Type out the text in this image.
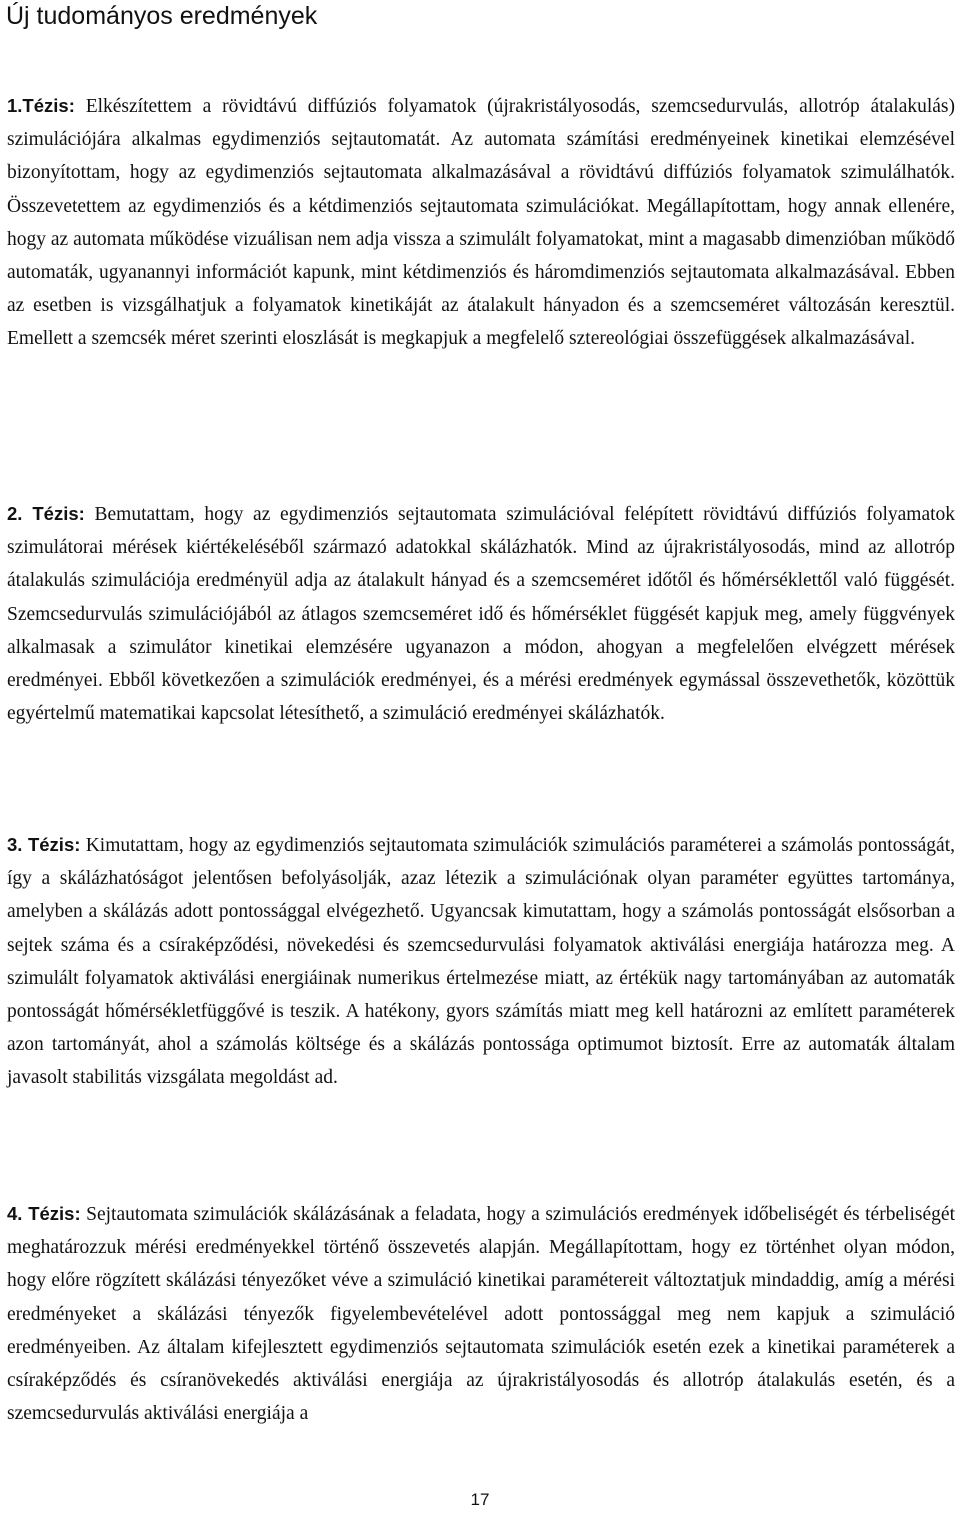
Új tudományos eredmények

1.Tézis: Elkészítettem a rövidtávú diffúziós folyamatok (újrakristályosodás, szemcsedurvulás, allotróp átalakulás) szimulációjára alkalmas egydimenziós sejtautomatát. Az automata számítási eredményeinek kinetikai elemzésével bizonyítottam, hogy az egydimenziós sejtautomata alkalmazásával a rövidtávú diffúziós folyamatok szimulálhatók. Összevetettem az egydimenziós és a kétdimenziós sejtautomata szimulációkat. Megállapítottam, hogy annak ellenére, hogy az automata működése vizuálisan nem adja vissza a szimulált folyamatokat, mint a magasabb dimenzióban működő automaták, ugyanannyi információt kapunk, mint kétdimenziós és háromdimenziós sejtautomata alkalmazásával. Ebben az esetben is vizsgálhatjuk a folyamatok kinetikáját az átalakult hányadon és a szemcseméret változásán keresztül. Emellett a szemcsék méret szerinti eloszlását is megkapjuk a megfelelő sztereológiai összefüggések alkalmazásával.

2. Tézis: Bemutattam, hogy az egydimenziós sejtautomata szimulációval felépített rövidtávú diffúziós folyamatok szimulátorai mérések kiértékeléséből származó adatokkal skálázhatók. Mind az újrakristályosodás, mind az allotróp átalakulás szimulációja eredményül adja az átalakult hányad és a szemcseméret időtől és hőmérséklettől való függését. Szemcsedurvulás szimulációjából az átlagos szemcseméret idő és hőmérséklet függését kapjuk meg, amely függvények alkalmasak a szimulátor kinetikai elemzésére ugyanazon a módon, ahogyan a megfelelően elvégzett mérések eredményei. Ebből következően a szimulációk eredményei, és a mérési eredmények egymással összevethetők, közöttük egyértelmű matematikai kapcsolat létesíthető, a szimuláció eredményei skálázhatók.

3. Tézis: Kimutattam, hogy az egydimenziós sejtautomata szimulációk szimulációs paraméterei a számolás pontosságát, így a skálázhatóságot jelentősen befolyásolják, azaz létezik a szimulációnak olyan paraméter együttes tartománya, amelyben a skálázás adott pontossággal elvégezhető. Ugyancsak kimutattam, hogy a számolás pontosságát elsősorban a sejtek száma és a csíraképződési, növekedési és szemcsedurvulási folyamatok aktiválási energiája határozza meg. A szimulált folyamatok aktiválási energiáinak numerikus értelmezése miatt, az értékük nagy tartományában az automaták pontosságát hőmérsékletfüggővé is teszik. A hatékony, gyors számítás miatt meg kell határozni az említett paraméterek azon tartományát, ahol a számolás költsége és a skálázás pontossága optimumot biztosít. Erre az automaták általam javasolt stabilitás vizsgálata megoldást ad.

4. Tézis: Sejtautomata szimulációk skálázásának a feladata, hogy a szimulációs eredmények időbeliségét és térbeliségét meghatározzuk mérési eredményekkel történő összevetés alapján. Megállapítottam, hogy ez történhet olyan módon, hogy előre rögzített skálázási tényezőket véve a szimuláció kinetikai paramétereit változtatjuk mindaddig, amíg a mérési eredményeket a skálázási tényezők figyelembevételével adott pontossággal meg nem kapjuk a szimuláció eredményeiben. Az általam kifejlesztett egydimenziós sejtautomata szimulációk esetén ezek a kinetikai paraméterek a csíraképződés és csíranövekedés aktiválási energiája az újrakristályosodás és allotróp átalakulás esetén, és a szemcsedurvulás aktiválási energiája a

17
